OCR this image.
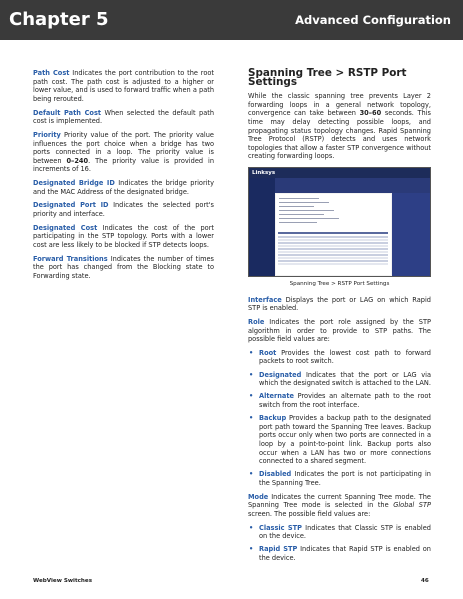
Chapter 5	Advanced Configuration

Path Cost Indicates the port contribution to the root path cost. The path cost is adjusted to a higher or lower value, and is used to forward traffic when a path being rerouted.

Default Path Cost When selected the default path cost is implemented.

Priority Priority value of the port. The priority value influences the port choice when a bridge has two ports connected in a loop. The priority value is between 0–240. The priority value is provided in increments of 16.

Designated Bridge ID Indicates the bridge priority and the MAC Address of the designated bridge.

Designated Port ID Indicates the selected port's priority and interface.

Designated Cost Indicates the cost of the port participating in the STP topology. Ports with a lower cost are less likely to be blocked if STP detects loops.

Forward Transitions Indicates the number of times the port has changed from the Blocking state to Forwarding state.

Spanning Tree > RSTP Port Settings

While the classic spanning tree prevents Layer 2 forwarding loops in a general network topology, convergence can take between 30–60 seconds. This time may delay detecting possible loops, and propagating status topology changes. Rapid Spanning Tree Protocol (RSTP) detects and uses network topologies that allow a faster STP convergence without creating forwarding loops.

Linksys
Spanning Tree > RSTP Port Settings

Interface Displays the port or LAG on which Rapid STP is enabled.

Role Indicates the port role assigned by the STP algorithm in order to provide to STP paths. The possible field values are:

• Root Provides the lowest cost path to forward packets to root switch.
• Designated Indicates that the port or LAG via which the designated switch is attached to the LAN.
• Alternate Provides an alternate path to the root switch from the root interface.
• Backup Provides a backup path to the designated port path toward the Spanning Tree leaves. Backup ports occur only when two ports are connected in a loop by a point-to-point link. Backup ports also occur when a LAN has two or more connections connected to a shared segment.
• Disabled Indicates the port is not participating in the Spanning Tree.

Mode Indicates the current Spanning Tree mode. The Spanning Tree mode is selected in the Global STP screen. The possible field values are:

• Classic STP Indicates that Classic STP is enabled on the device.
• Rapid STP Indicates that Rapid STP is enabled on the device.
WebView Switches	46
